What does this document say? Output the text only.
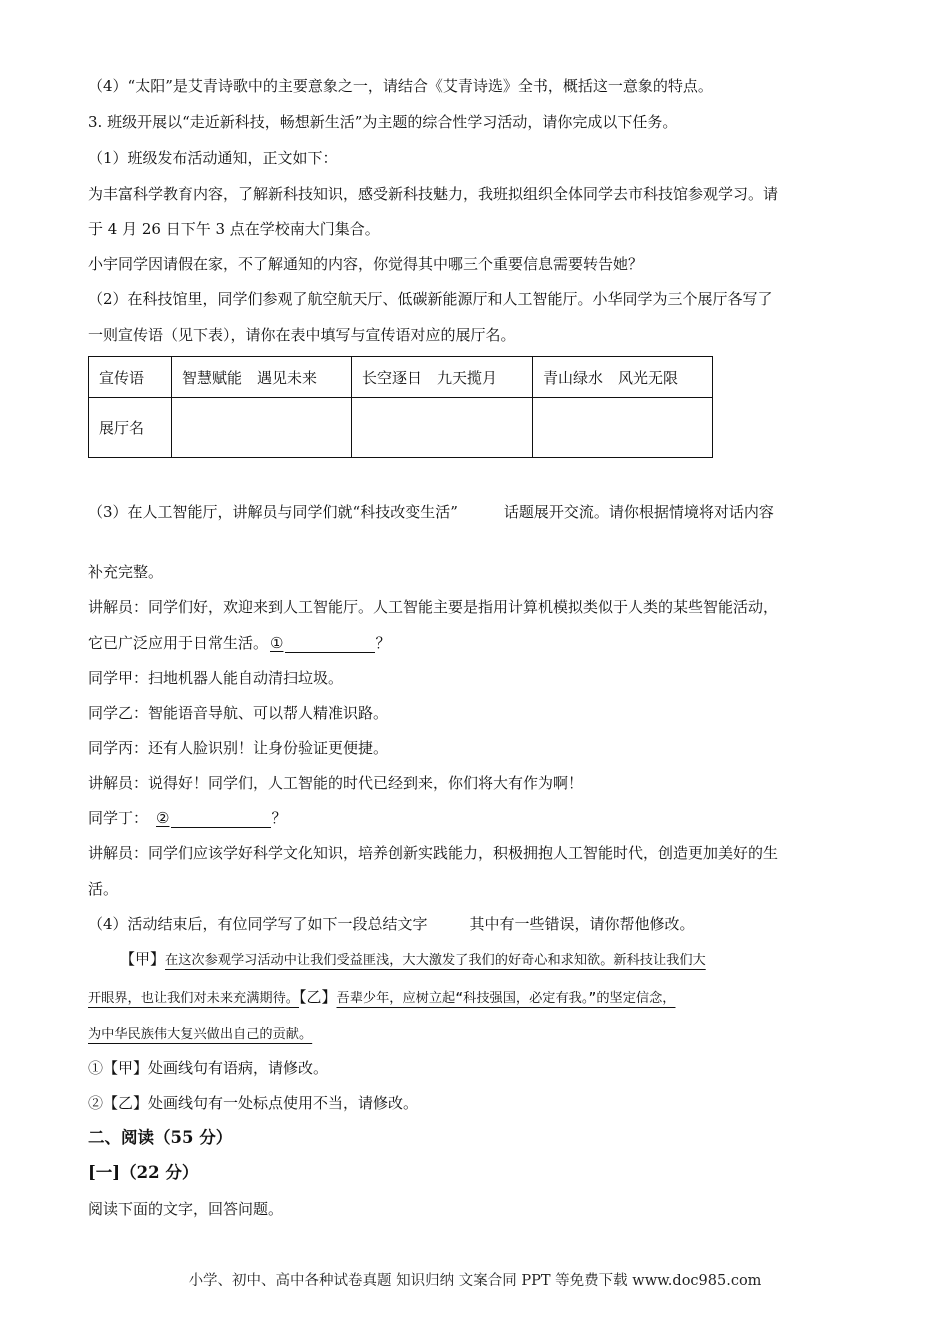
（4）“太阳”是艾青诗歌中的主要意象之一，请结合《艾青诗选》全书，概括这一意象的特点。
3. 班级开展以“走近新科技，畅想新生活”为主题的综合性学习活动，请你完成以下任务。
（1）班级发布活动通知，正文如下：
为丰富科学教育内容，了解新科技知识，感受新科技魅力，我班拟组织全体同学去市科技馆参观学习。请
于 4 月 26 日下午 3 点在学校南大门集合。
小宇同学因请假在家，不了解通知的内容，你觉得其中哪三个重要信息需要转告她？
（2）在科技馆里，同学们参观了航空航天厅、低碳新能源厅和人工智能厅。小华同学为三个展厅各写了
一则宣传语（见下表），请你在表中填写与宣传语对应的展厅名。
宣传语	智慧赋能　遇见未来	长空逐日　九天揽月	青山绿水　风光无限
展厅名			
（3）在人工智能厅，讲解员与同学们就“科技改变生活”	话题展开交流。请你根据情境将对话内容
补充完整。
讲解员：同学们好，欢迎来到人工智能厅。人工智能主要是指用计算机模拟类似于人类的某些智能活动，
它已广泛应用于日常生活。 ①	？
同学甲：扫地机器人能自动清扫垃圾。
同学乙：智能语音导航、可以帮人精准识路。
同学丙：还有人脸识别！让身份验证更便捷。
讲解员：说得好！同学们，人工智能的时代已经到来，你们将大有作为啊！
同学丁： ②	？
讲解员：同学们应该学好科学文化知识，培养创新实践能力，积极拥抱人工智能时代，创造更加美好的生
活。
（4）活动结束后，有位同学写了如下一段总结文字	其中有一些错误，请你帮他修改。
【甲】在这次参观学习活动中让我们受益匪浅，大大激发了我们的好奇心和求知欲。新科技让我们大
开眼界，也让我们对未来充满期待。【乙】吾辈少年，应树立起“科技强国，必定有我。”的坚定信念，
为中华民族伟大复兴做出自己的贡献。
①【甲】处画线句有语病，请修改。
②【乙】处画线句有一处标点使用不当，请修改。
二、阅读（55 分）
[一]（22 分）
阅读下面的文字，回答问题。
小学、初中、高中各种试卷真题 知识归纳 文案合同 PPT 等免费下载 www.doc985.com
